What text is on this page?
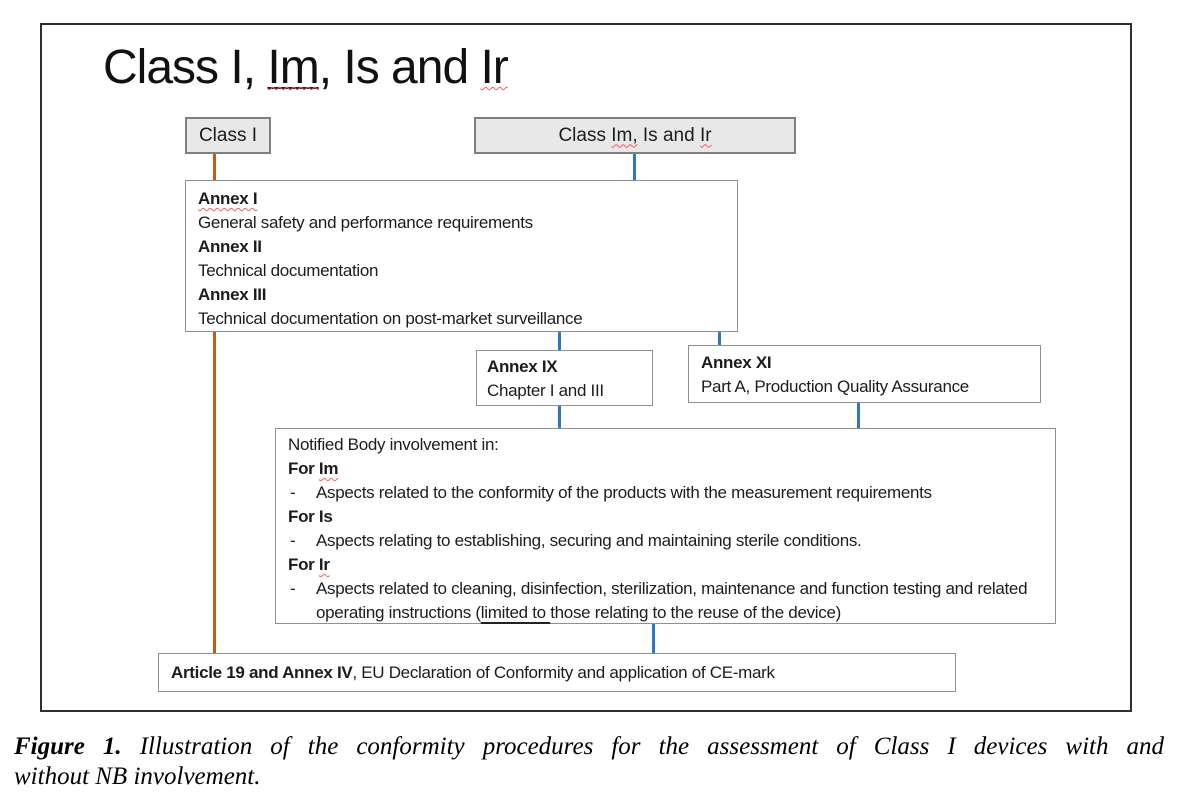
Class I, Im, Is and Ir
Class I	Class Im, Is and Ir
Annex I
General safety and performance requirements
Annex II
Technical documentation
Annex III
Technical documentation on post-market surveillance
Annex IX
Chapter I and III
Annex XI
Part A, Production Quality Assurance
Notified Body involvement in:
For Im
-	Aspects related to the conformity of the products with the measurement requirements
For Is
-	Aspects relating to establishing, securing and maintaining sterile conditions.
For Ir
-	Aspects related to cleaning, disinfection, sterilization, maintenance and function testing and related operating instructions (limited to those relating to the reuse of the device)
Article 19 and Annex IV , EU Declaration of Conformity and application of CE-mark
Figure 1. Illustration of the conformity procedures for the assessment of Class I devices with and
without NB involvement.
